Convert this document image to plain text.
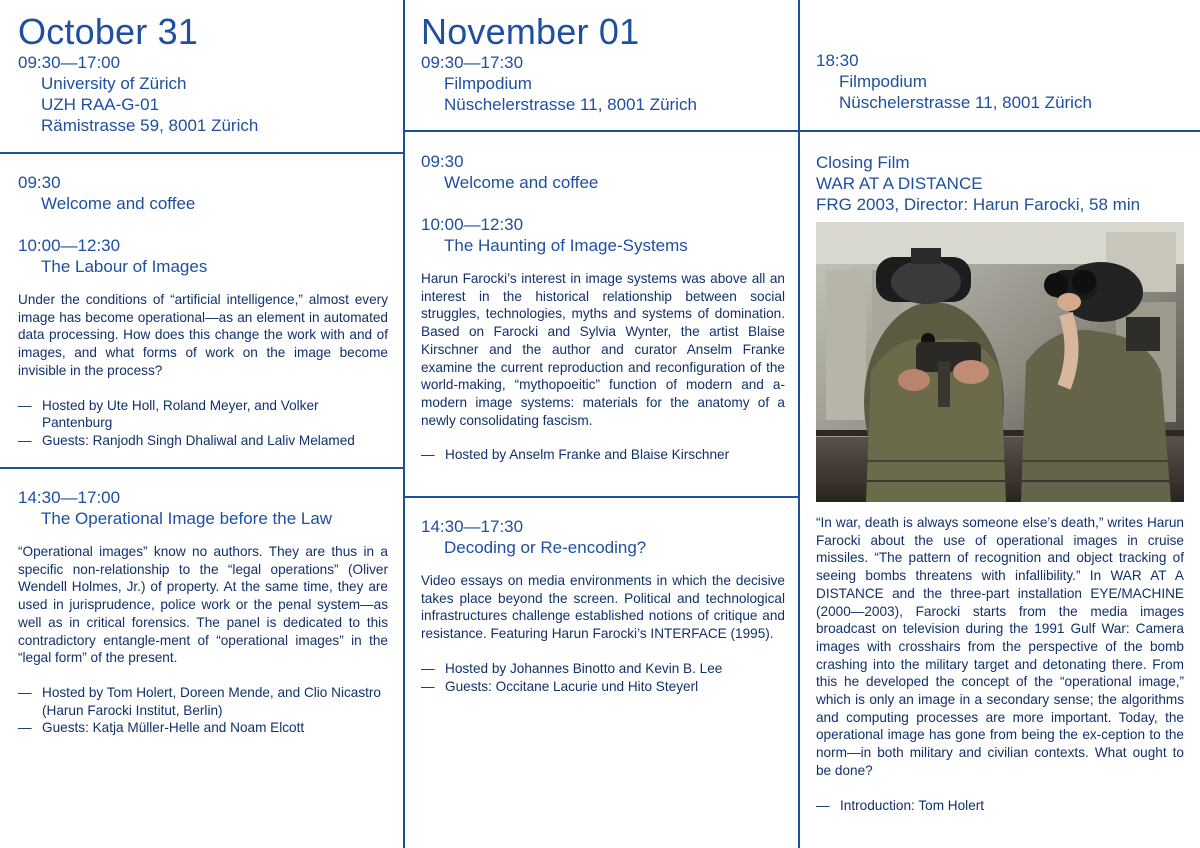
October 31
09:30—17:00
University of Zürich
UZH RAA-G-01
Rämistrasse 59, 8001 Zürich
09:30
Welcome and coffee
10:00—12:30
The Labour of Images
Under the conditions of “artificial intelligence,” almost every image has become operational—as an element in automated data processing. How does this change the work with and of images, and what forms of work on the image become invisible in the process?
— Hosted by Ute Holl, Roland Meyer, and Volker Pantenburg
— Guests: Ranjodh Singh Dhaliwal and Laliv Melamed
14:30—17:00
The Operational Image before the Law
“Operational images” know no authors. They are thus in a specific non-relationship to the “legal operations” (Oliver Wendell Holmes, Jr.) of property. At the same time, they are used in jurisprudence, police work or the penal system—as well as in critical forensics. The panel is dedicated to this contradictory entangle-ment of “operational images” in the “legal form” of the present.
— Hosted by Tom Holert, Doreen Mende, and Clio Nicastro (Harun Farocki Institut, Berlin)
— Guests: Katja Müller-Helle and Noam Elcott
November 01
09:30—17:30
Filmpodium
Nüschelerstrasse 11, 8001 Zürich
09:30
Welcome and coffee
10:00—12:30
The Haunting of Image-Systems
Harun Farocki’s interest in image systems was above all an interest in the historical relationship between social struggles, technologies, myths and systems of domination. Based on Farocki and Sylvia Wynter, the artist Blaise Kirschner and the author and curator Anselm Franke examine the current reproduction and reconfiguration of the world-making, “mythopoeitic” function of modern and a-modern image systems: materials for the anatomy of a newly consolidating fascism.
— Hosted by Anselm Franke and Blaise Kirschner
14:30—17:30
Decoding or Re-encoding?
Video essays on media environments in which the decisive takes place beyond the screen. Political and technological infrastructures challenge established notions of critique and resistance. Featuring Harun Farocki’s INTERFACE (1995).
— Hosted by Johannes Binotto and Kevin B. Lee
— Guests: Occitane Lacurie und Hito Steyerl
18:30
Filmpodium
Nüschelerstrasse 11, 8001 Zürich
Closing Film
WAR AT A DISTANCE
FRG 2003, Director: Harun Farocki, 58 min
“In war, death is always someone else’s death,” writes Harun Farocki about the use of operational images in cruise missiles. “The pattern of recognition and object tracking of seeing bombs threatens with infallibility.” In WAR AT A DISTANCE and the three-part installation EYE/MACHINE (2000—2003), Farocki starts from the media images broadcast on television during the 1991 Gulf War: Camera images with crosshairs from the perspective of the bomb crashing into the military target and detonating there. From this he developed the concept of the “operational image,” which is only an image in a secondary sense; the algorithms and computing processes are more important. Today, the operational image has gone from being the ex-ception to the norm—in both military and civilian contexts. What ought to be done?
— Introduction: Tom Holert
